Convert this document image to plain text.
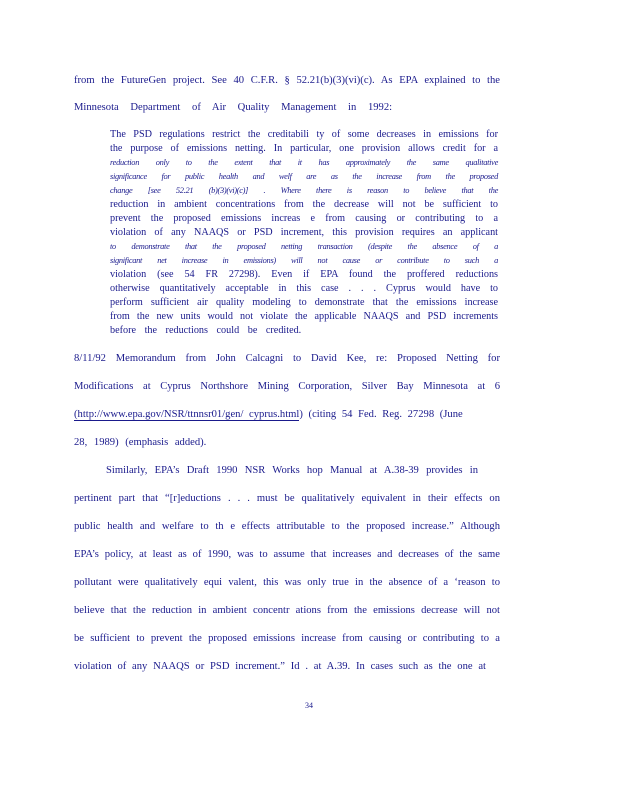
from the FutureGen project. See 40 C.F.R. § 52.21(b)(3)(vi)(c). As EPA explained to the
Minnesota Department of Air Quality Management in 1992:
The PSD regulations restrict the creditabili ty of some decreases in emissions for
the purpose of emissions netting. In particular, one provision allows credit for a
reduction only to the extent that it has approximately the same qualitative
significance for public health and welf are as the increase from the proposed
change [see 52.21 (b)(3)(vi)(c)] . Where there is reason to believe that the
reduction in ambient concentrations from the decrease will not be sufficient to
prevent the proposed emissions increas e from causing or contributing to a
violation of any NAAQS or PSD increment, this provision requires an applicant
to demonstrate that the proposed netting transaction (despite the absence of a
significant net increase in emissions) will not cause or contribute to such a
violation (see 54 FR 27298). Even if EPA found the proffered reductions
otherwise quantitatively acceptable in this case . . . Cyprus would have to
perform sufficient air quality modeling to demonstrate that the emissions increase
from the new units would not violate the applicable NAAQS and PSD increments
before the reductions could be credited.
8/11/92 Memorandum from John Calcagni to David Kee, re: Proposed Netting for
Modifications at Cyprus Northshore Mining Corporation, Silver Bay Minnesota at 6
(http://www.epa.gov/NSR/ttnnsr01/gen/ cyprus.html) (citing 54 Fed. Reg. 27298 (June
28, 1989) (emphasis added).
Similarly, EPA’s Draft 1990 NSR Works hop Manual at A.38-39 provides in
pertinent part that “[r]eductions . . . must be qualitatively equivalent in their effects on
public health and welfare to th e effects attributable to the proposed increase.” Although
EPA’s policy, at least as of 1990, was to assume that increases and decreases of the same
pollutant were qualitatively equi valent, this was only true in the absence of a ‘reason to
believe that the reduction in ambient concentr ations from the emissions decrease will not
be sufficient to prevent the proposed emissions increase from causing or contributing to a
violation of any NAAQS or PSD increment.” Id . at A.39. In cases such as the one at
34
